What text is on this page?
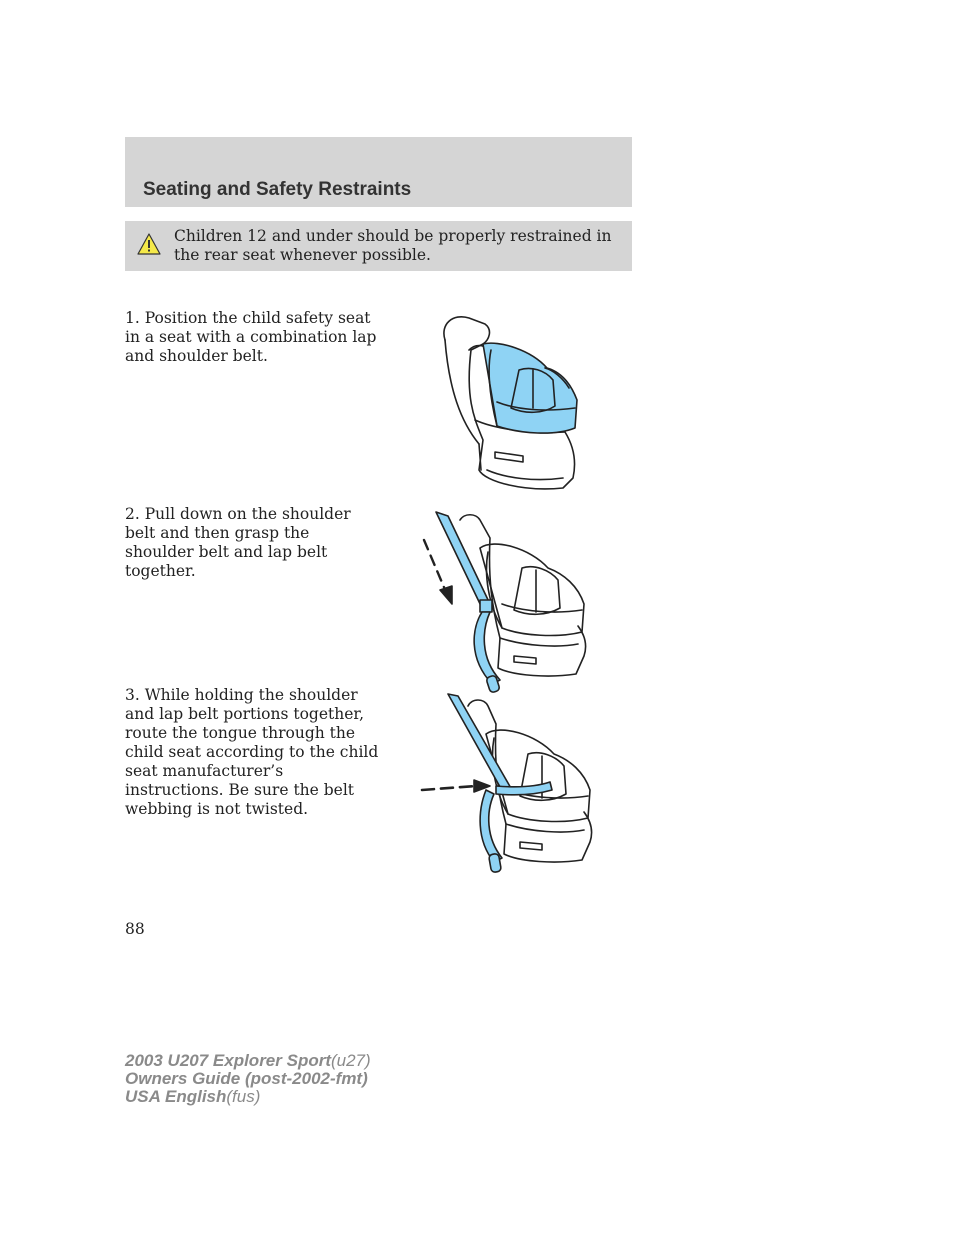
Seating and Safety Restraints
Children 12 and under should be properly restrained in the rear seat whenever possible.
1. Position the child safety seat in a seat with a combination lap and shoulder belt.
2. Pull down on the shoulder belt and then grasp the shoulder belt and lap belt together.
3. While holding the shoulder and lap belt portions together, route the tongue through the child seat according to the child seat manufacturer’s instructions. Be sure the belt webbing is not twisted.
88
2003 U207 Explorer Sport(u27)
Owners Guide (post-2002-fmt)
USA English(fus)
